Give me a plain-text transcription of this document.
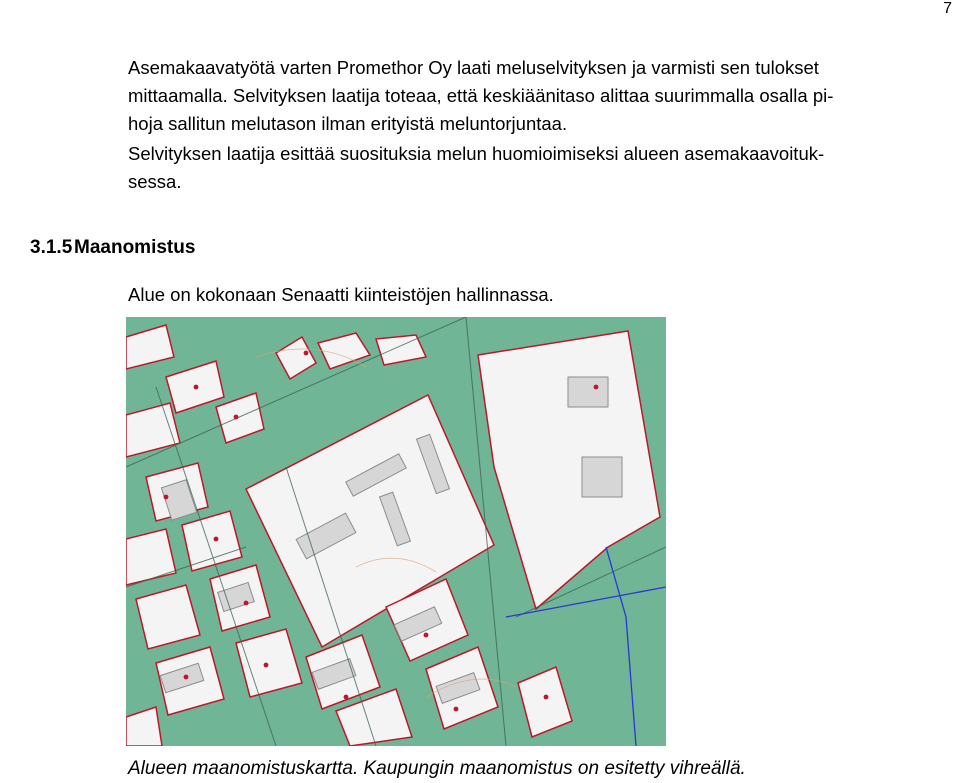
7
Asemakaavatyötä varten Promethor Oy laati meluselvityksen ja varmisti sen tulokset
mittaamalla. Selvityksen laatija toteaa, että keskiäänitaso alittaa suurimmalla osalla pi-
hoja sallitun melutason ilman erityistä meluntorjuntaa.
Selvityksen laatija esittää suosituksia melun huomioimiseksi alueen asemakaavoituk-
sessa.
3.1.5Maanomistus
Alue on kokonaan Senaatti kiinteistöjen hallinnassa.

Alueen maanomistuskartta. Kaupungin maanomistus on esitetty vihreällä.
